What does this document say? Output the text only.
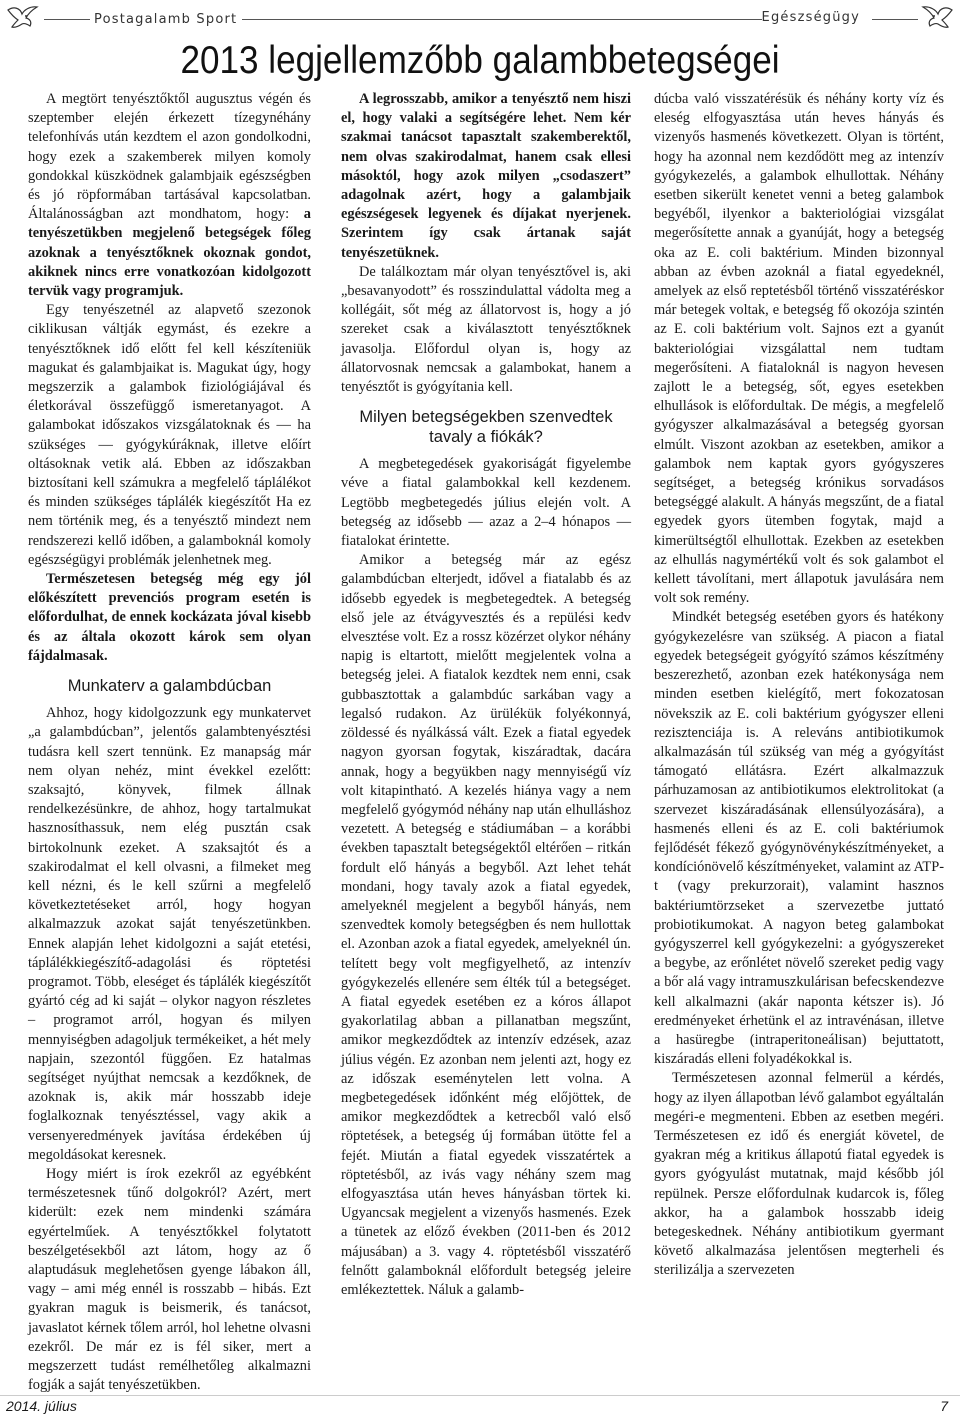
Postagalamb Sport	Egészségügy
2013 legjellemzőbb galambbetegségei

A megtört tenyésztőktől augusztus végén és szeptember elején érkezett tízegynéhány telefonhívás után kezdtem el azon gondolkodni, hogy ezek a szakemberek milyen komoly gondokkal küszködnek galambjaik egészségben és jó röpformában tartásával kapcsolatban. Általánosságban azt mondhatom, hogy: a tenyészetükben megjelenő betegségek főleg azoknak a tenyésztőknek okoznak gondot, akiknek nincs erre vonatkozóan kidolgozott tervük vagy programjuk.

Egy tenyészetnél az alapvető szezonok ciklikusan váltják egymást, és ezekre a tenyésztőknek idő előtt fel kell készíteniük magukat és galambjaikat is. Magukat úgy, hogy megszerzik a galambok fiziológiájával és életkorával összefüggő ismeretanyagot. A galambokat időszakos vizsgálatoknak és — ha szükséges — gyógykúráknak, illetve előírt oltásoknak vetik alá. Ebben az időszakban biztosítani kell számukra a megfelelő táplálékot és minden szükséges táplálék kiegészítőt Ha ez nem történik meg, és a tenyésztő mindezt nem rendszerezi kellő időben, a galamboknál komoly egészségügyi problémák jelenhetnek meg.

Természetesen betegség még egy jól előkészített prevenciós program esetén is előfordulhat, de ennek kockázata jóval kisebb és az általa okozott károk sem olyan fájdalmasak.

Munkaterv a galambdúcban

Ahhoz, hogy kidolgozzunk egy munkatervet „a galambdúcban”, jelentős galambtenyésztési tudásra kell szert tennünk. Ez manapság már nem olyan nehéz, mint évekkel ezelőtt: szaksajtó, könyvek, filmek állnak rendelkezésünkre, de ahhoz, hogy tartalmukat hasznosíthassuk, nem elég pusztán csak birtokolnunk ezeket. A szaksajtót és a szakirodalmat el kell olvasni, a filmeket meg kell nézni, és le kell szűrni a megfelelő következtetéseket arról, hogy hogyan alkalmazzuk azokat saját tenyészetünkben. Ennek alapján lehet kidolgozni a saját etetési, táplálékkiegészítő-adagolási és röptetési programot. Több, eleséget és táplálék kiegészítőt gyártó cég ad ki saját – olykor nagyon részletes – programot arról, hogyan és milyen mennyiségben adagoljuk termékeiket, a hét mely napjain, szezontól függően. Ez hatalmas segítséget nyújthat nemcsak a kezdőknek, de azoknak is, akik már hosszabb ideje foglalkoznak tenyésztéssel, vagy akik a versenyeredmények javítása érdekében új megoldásokat keresnek.

Hogy miért is írok ezekről az egyébként természetesnek tűnő dolgokról? Azért, mert kiderült: ezek nem mindenki számára egyértelműek. A tenyésztőkkel folytatott beszélgetésekből azt látom, hogy az ő alaptudásuk meglehetősen gyenge lábakon áll, vagy – ami még ennél is rosszabb – hibás. Ezt gyakran maguk is beismerik, és tanácsot, javaslatot kérnek tőlem arról, hol lehetne olvasni ezekről. De már ez is fél siker, mert a megszerzett tudást remélhetőleg alkalmazni fogják a saját tenyészetükben.

A legrosszabb, amikor a tenyésztő nem hiszi el, hogy valaki a segítségére lehet. Nem kér szakmai tanácsot tapasztalt szakemberektől, nem olvas szakirodalmat, hanem csak ellesi másoktól, hogy azok milyen „csodaszert” adagolnak azért, hogy a galambjaik egészségesek legyenek és díjakat nyerjenek. Szerintem így csak ártanak saját tenyészetüknek.

De találkoztam már olyan tenyésztővel is, aki „besavanyodott” és rosszindulattal vádolta meg a kollégáit, sőt még az állatorvost is, hogy a jó szereket csak a kiválasztott tenyésztőknek javasolja. Előfordul olyan is, hogy az állatorvosnak nemcsak a galambokat, hanem a tenyésztőt is gyógyítania kell.

Milyen betegségekben szenvedtek tavaly a fiókák?

A megbetegedések gyakoriságát figyelembe véve a fiatal galambokkal kell kezdenem. Legtöbb megbetegedés július elején volt. A betegség az idősebb — azaz a 2–4 hónapos — fiatalokat érintette.

Amikor a betegség már az egész galambdúcban elterjedt, idővel a fiatalabb és az idősebb egyedek is megbetegedtek. A betegség első jele az étvágyvesztés és a repülési kedv elvesztése volt. Ez a rossz közérzet olykor néhány napig is eltartott, mielőtt megjelentek volna a betegség jelei. A fiatalok kezdtek nem enni, csak gubbasztottak a galambdúc sarkában vagy a legalsó rudakon. Az ürülékük folyékonnyá, zöldessé és nyálkássá vált. Ezek a fiatal egyedek nagyon gyorsan fogytak, kiszáradtak, dacára annak, hogy a begyükben nagy mennyiségű víz volt kitapintható. A kezelés hiánya vagy a nem megfelelő gyógymód néhány nap után elhulláshoz vezetett. A betegség e stádiumában – a korábbi években tapasztalt betegségektől eltérően – ritkán fordult elő hányás a begyből. Azt lehet tehát mondani, hogy tavaly azok a fiatal egyedek, amelyeknél megjelent a begyből hányás, nem szenvedtek komoly betegségben és nem hullottak el. Azonban azok a fiatal egyedek, amelyeknél ún. telített begy volt megfigyelhető, az intenzív gyógykezelés ellenére sem élték túl a betegséget. A fiatal egyedek esetében ez a kóros állapot gyakorlatilag abban a pillanatban megszűnt, amikor megkezdődtek az intenzív edzések, azaz július végén. Ez azonban nem jelenti azt, hogy ez az időszak eseménytelen lett volna. A megbetegedések időnként még előjöttek, de amikor megkezdődtek a ketrecből való első röptetések, a betegség új formában ütötte fel a fejét. Miután a fiatal egyedek visszatértek a röptetésből, az ivás vagy néhány szem mag elfogyasztása után heves hányásban törtek ki. Ugyancsak megjelent a vizenyős hasmenés. Ezek a tünetek az előző években (2011-ben és 2012 májusában) a 3. vagy 4. röptetésből visszatérő felnőtt galamboknál előfordult betegség jeleire emlékeztettek. Náluk a galamb-

dúcba való visszatérésük és néhány korty víz és eleség elfogyasztása után heves hányás és vizenyős hasmenés következett. Olyan is történt, hogy ha azonnal nem kezdődött meg az intenzív gyógykezelés, a galambok elhullottak. Néhány esetben sikerült kenetet venni a beteg galambok begyéből, ilyenkor a bakteriológiai vizsgálat megerősítette annak a gyanúját, hogy a betegség oka az E. coli baktérium. Minden bizonnyal abban az évben azoknál a fiatal egyedeknél, amelyek az első reptetésből történő visszatéréskor már betegek voltak, e betegség fő okozója szintén az E. coli baktérium volt. Sajnos ezt a gyanút bakteriológiai vizsgálattal nem tudtam megerősíteni. A fiataloknál is nagyon hevesen zajlott le a betegség, sőt, egyes esetekben elhullások is előfordultak. De mégis, a megfelelő gyógyszer alkalmazásával a betegség gyorsan elmúlt. Viszont azokban az esetekben, amikor a galambok nem kaptak gyors gyógyszeres segítséget, a betegség krónikus sorvadásos betegséggé alakult. A hányás megszűnt, de a fiatal egyedek gyors ütemben fogytak, majd a kimerültségtől elhullottak. Ezekben az esetekben az elhullás nagymértékű volt és sok galambot el kellett távolítani, mert állapotuk javulására nem volt sok remény.

Mindkét betegség esetében gyors és hatékony gyógykezelésre van szükség. A piacon a fiatal egyedek betegségeit gyógyító számos készítmény beszerezhető, azonban ezek hatékonysága nem minden esetben kielégítő, mert fokozatosan növekszik az E. coli baktérium gyógyszer elleni rezisztenciája is. A releváns antibiotikumok alkalmazásán túl szükség van még a gyógyítást támogató ellátásra. Ezért alkalmazzuk párhuzamosan az antibiotikumos elektrolitokat (a szervezet kiszáradásának ellensúlyozására), a hasmenés elleni és az E. coli baktériumok fejlődését fékező gyógynövénykészítményeket, a kondíciónövelő készítményeket, valamint az ATP-t (vagy prekurzorait), valamint hasznos baktériumtörzseket a szervezetbe juttató probiotikumokat. A nagyon beteg galambokat gyógyszerrel kell gyógykezelni: a gyógyszereket a begybe, az erőnlétet növelő szereket pedig vagy a bőr alá vagy intramuszkulárisan befecskendezve kell alkalmazni (akár naponta kétszer is). Jó eredményeket érhetünk el az intravénásan, illetve a hasüregbe (intraperitoneálisan) bejuttatott, kiszáradás elleni folyadékokkal is.

Természetesen azonnal felmerül a kérdés, hogy az ilyen állapotban lévő galambot egyáltalán megéri-e megmenteni. Ebben az esetben megéri. Természetesen ez idő és energiát követel, de gyakran még a kritikus állapotú fiatal egyedek is gyors gyógyulást mutatnak, majd később jól repülnek. Persze előfordulnak kudarcok is, főleg akkor, ha a galambok hosszabb ideig betegeskednek. Néhány antibiotikum gyermant követő alkalmazása jelentősen megterheli és sterilizálja a szervezeten

2014. július	7
